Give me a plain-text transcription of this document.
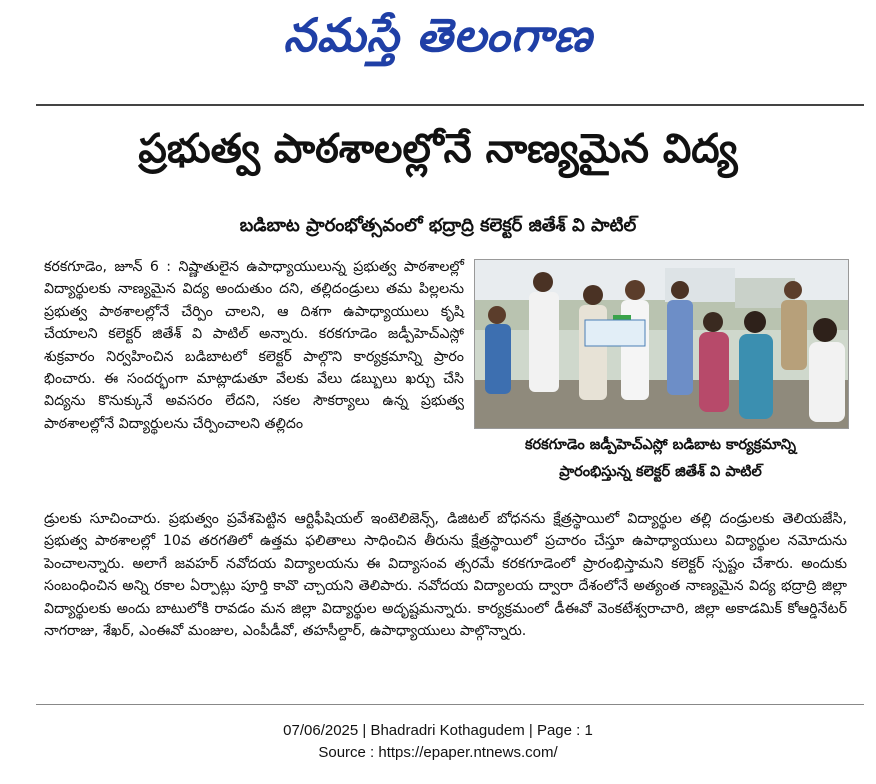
నమస్తే తెలంగాణ
ప్రభుత్వ పాఠశాలల్లోనే నాణ్యమైన విద్య
బడిబాట ప్రారంభోత్సవంలో భద్రాద్రి కలెక్టర్ జితేశ్ వి పాటిల్

కరకగూడెం, జూన్ 6 : నిష్ణాతులైన ఉపాధ్యాయులున్న ప్రభుత్వ పాఠశాలల్లో విద్యార్థులకు నాణ్యమైన విద్య అందుతుం దని, తల్లిదండ్రులు తమ పిల్లలను ప్రభుత్వ పాఠశాలల్లోనే చేర్పిం చాలని, ఆ దిశగా ఉపాధ్యాయులు కృషి చేయాలని కలెక్టర్ జితేశ్ వి పాటిల్ అన్నారు. కరకగూడెం జడ్పీహెచ్ఎస్లో శుక్రవారం నిర్వహించిన బడిబాటలో కలెక్టర్ పాల్గొని కార్యక్రమాన్ని ప్రారం భించారు. ఈ సందర్భంగా మాట్లాడుతూ వేలకు వేలు డబ్బులు ఖర్చు చేసి విద్యను కొనుక్కునే అవసరం లేదని, సకల సౌకర్యాలు ఉన్న ప్రభుత్వ పాఠశాలల్లోనే విద్యార్థులను చేర్పించాలని తల్లిదం

కరకగూడెం జడ్పీహెచ్ఎస్లో బడిబాట కార్యక్రమాన్ని
ప్రారంభిస్తున్న కలెక్టర్ జితేశ్ వి పాటిల్

డ్రులకు సూచించారు. ప్రభుత్వం ప్రవేశపెట్టిన ఆర్టిఫీషియల్ ఇంటెలిజెన్స్, డిజిటల్ బోధనను క్షేత్రస్థాయిలో విద్యార్థుల తల్లి దండ్రులకు తెలియజేసి, ప్రభుత్వ పాఠశాలల్లో 10వ తరగతిలో ఉత్తమ ఫలితాలు సాధించిన తీరును క్షేత్రస్థాయిలో ప్రచారం చేస్తూ ఉపాధ్యాయులు విద్యార్థుల నమోదును పెంచాలన్నారు. అలాగే జవహర్ నవోదయ విద్యాలయను ఈ విద్యాసంవ త్సరమే కరకగూడెంలో ప్రారంభిస్తామని కలెక్టర్ స్పష్టం చేశారు. అందుకు సంబంధించిన అన్ని రకాల ఏర్పాట్లు పూర్తి కావొ చ్చాయని తెలిపారు. నవోదయ విద్యాలయ ద్వారా దేశంలోనే అత్యంత నాణ్యమైన విద్య భద్రాద్రి జిల్లా విద్యార్థులకు అందు బాటులోకి రావడం మన జిల్లా విద్యార్థుల అదృష్టమన్నారు. కార్యక్రమంలో డీఈవో వెంకటేశ్వరాచారి, జిల్లా అకాడమిక్ కోఆర్డినేటర్ నాగరాజు, శేఖర్, ఎంఈవో మంజుల, ఎంపీడీవో, తహసీల్దార్, ఉపాధ్యాయులు పాల్గొన్నారు.

07/06/2025 | Bhadradri Kothagudem | Page : 1
Source : https://epaper.ntnews.com/
